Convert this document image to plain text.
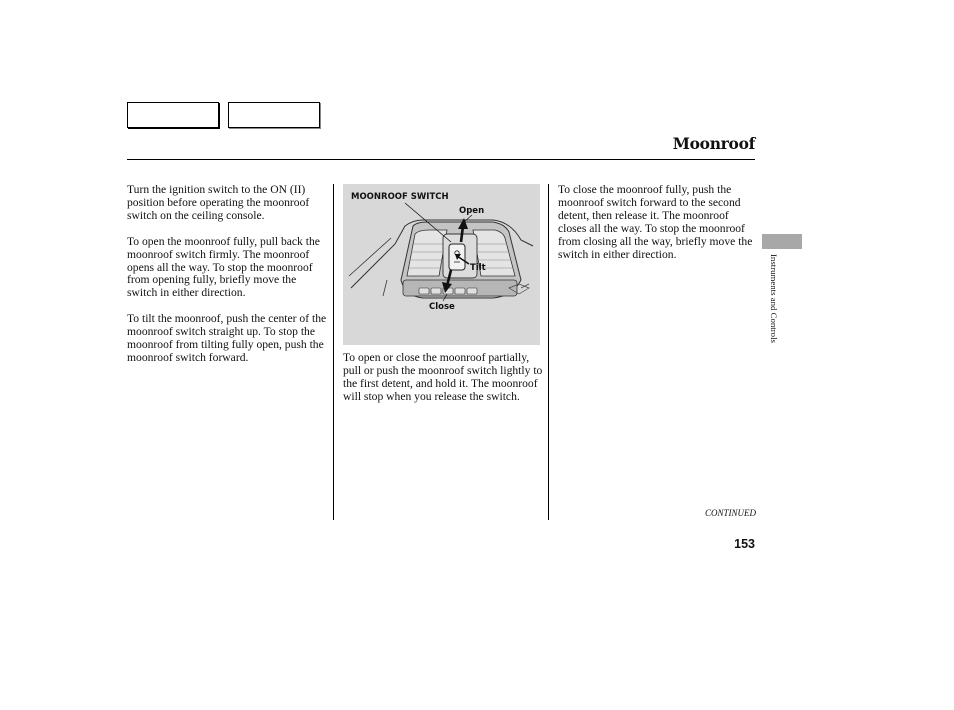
Moonroof

Turn the ignition switch to the ON (II) position before operating the moonroof switch on the ceiling console.

To open the moonroof fully, pull back the moonroof switch firmly. The moonroof opens all the way. To stop the moonroof from opening fully, briefly move the switch in either direction.

To tilt the moonroof, push the center of the moonroof switch straight up. To stop the moonroof from tilting fully open, push the moonroof switch forward.

MOONROOF SWITCH
Open
Tilt
Close

To open or close the moonroof partially, pull or push the moonroof switch lightly to the first detent, and hold it. The moonroof will stop when you release the switch.

To close the moonroof fully, push the moonroof switch forward to the second detent, then release it. The moonroof closes all the way. To stop the moonroof from closing all the way, briefly move the switch in either direction.	Instruments and Controls
CONTINUED
153
